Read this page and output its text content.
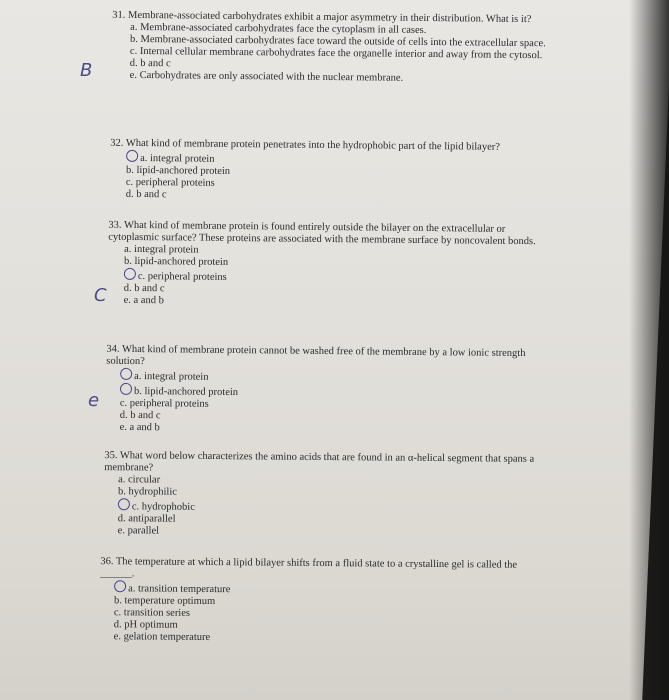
31. Membrane-associated carbohydrates exhibit a major asymmetry in their distribution. What is it?
a. Membrane-associated carbohydrates face the cytoplasm in all cases.
b. Membrane-associated carbohydrates face toward the outside of cells into the extracellular space.
c. Internal cellular membrane carbohydrates face the organelle interior and away from the cytosol.
d. b and c
e. Carbohydrates are only associated with the nuclear membrane.
B
32. What kind of membrane protein penetrates into the hydrophobic part of the lipid bilayer?
a. integral protein
b. lipid-anchored protein
c. peripheral proteins
d. b and c
33. What kind of membrane protein is found entirely outside the bilayer on the extracellular or cytoplasmic surface? These proteins are associated with the membrane surface by noncovalent bonds.
a. integral protein
b. lipid-anchored protein
c. peripheral proteins
d. b and c
e. a and b
C
34. What kind of membrane protein cannot be washed free of the membrane by a low ionic strength solution?
a. integral protein
b. lipid-anchored protein
c. peripheral proteins
d. b and c
e. a and b
e
35. What word below characterizes the amino acids that are found in an α-helical segment that spans a membrane?
a. circular
b. hydrophilic
c. hydrophobic
d. antiparallel
e. parallel
36. The temperature at which a lipid bilayer shifts from a fluid state to a crystalline gel is called the ______.
a. transition temperature
b. temperature optimum
c. transition series
d. pH optimum
e. gelation temperature
